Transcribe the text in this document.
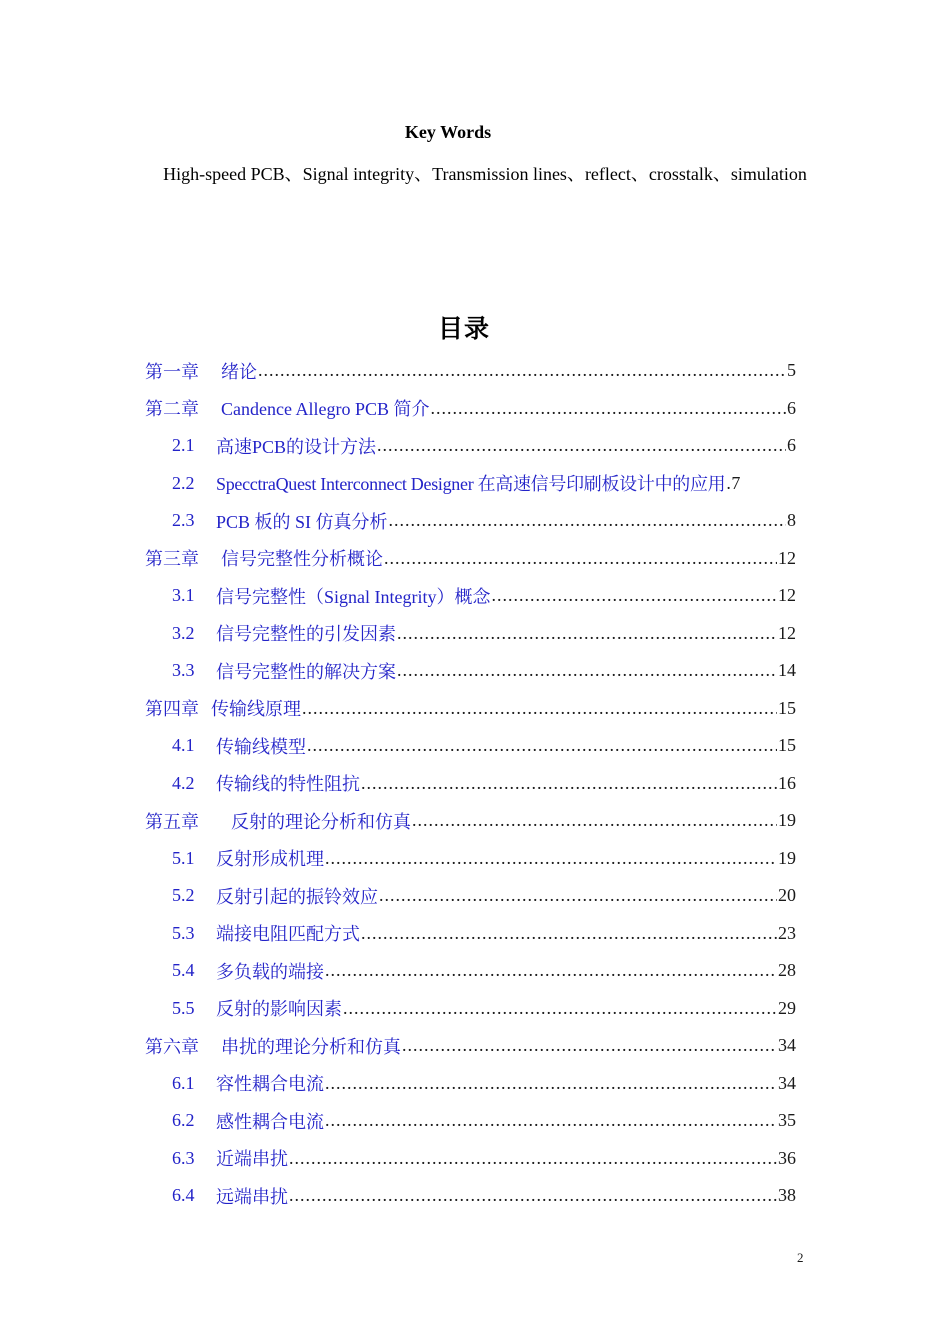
Key Words
High-speed PCB、Signal integrity、Transmission lines、reflect、crosstalk、simulation
目录
第一章	绪论 .....	5
第二章	Candence Allegro PCB 简介 .....	6
2.1	高速PCB的设计方法 .....	6
2.2	SpecctraQuest Interconnect Designer 在高速信号印刷板设计中的应用 ..... 7
2.3	PCB 板的 SI 仿真分析 .....	8
第三章	信号完整性分析概论 .....	12
3.1	信号完整性（Signal Integrity）概念 .....	12
3.2	信号完整性的引发因素 .....	12
3.3	信号完整性的解决方案 .....	14
第四章 传输线原理 .....	15
4.1	传输线模型 .....	15
4.2	传输线的特性阻抗 .....	16
第五章	反射的理论分析和仿真 .....	19
5.1	反射形成机理 .....	19
5.2	反射引起的振铃效应 .....	20
5.3	端接电阻匹配方式 .....	23
5.4	多负载的端接 .....	28
5.5	反射的影响因素 .....	29
第六章	串扰的理论分析和仿真 .....	34
6.1	容性耦合电流 .....	34
6.2	感性耦合电流 .....	35
6.3	近端串扰 .....	36
6.4	远端串扰 .....	38
2
